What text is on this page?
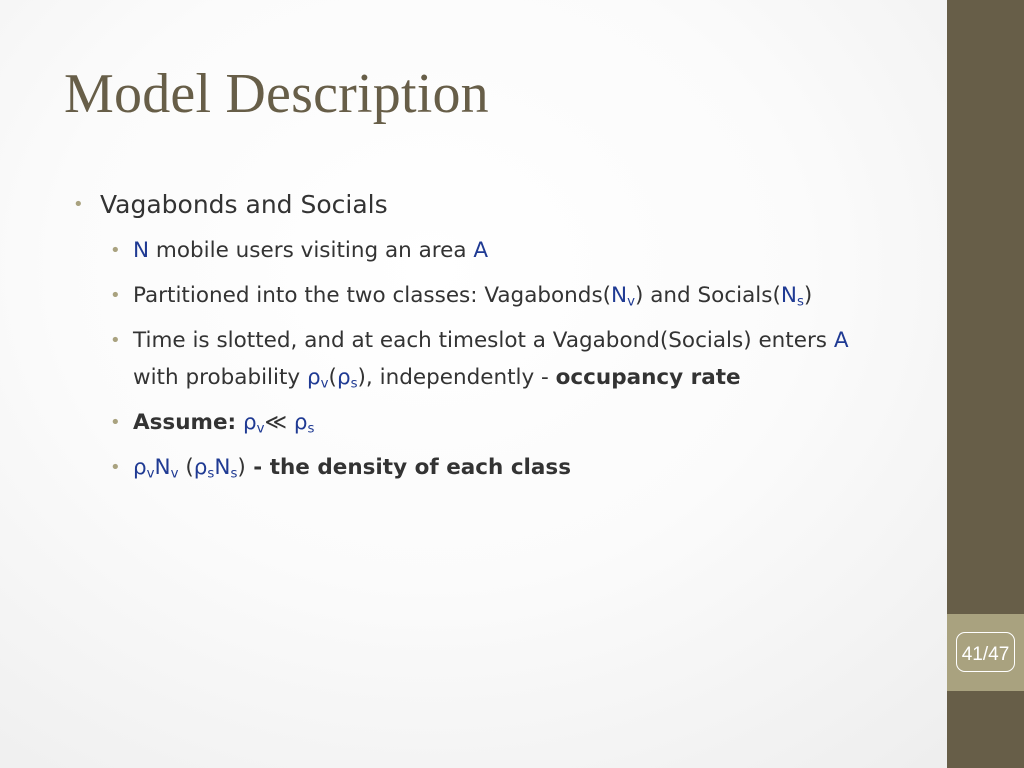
41/47
Model Description
• Vagabonds and Socials
• N mobile users visiting an area A
• Partitioned into the two classes: $Vagabonds(N_v)$ and $Socials(N_s)$
• Time is slotted, and at each timeslot a Vagabond(Socials) enters A with probability $\rho_v(\rho_s)$, independently - occupancy rate
• Assume: $\rho_v≪$ $\rho_s$
• $\rho_vN_v$ $(\rho_sN_s)$ - the density of each class
